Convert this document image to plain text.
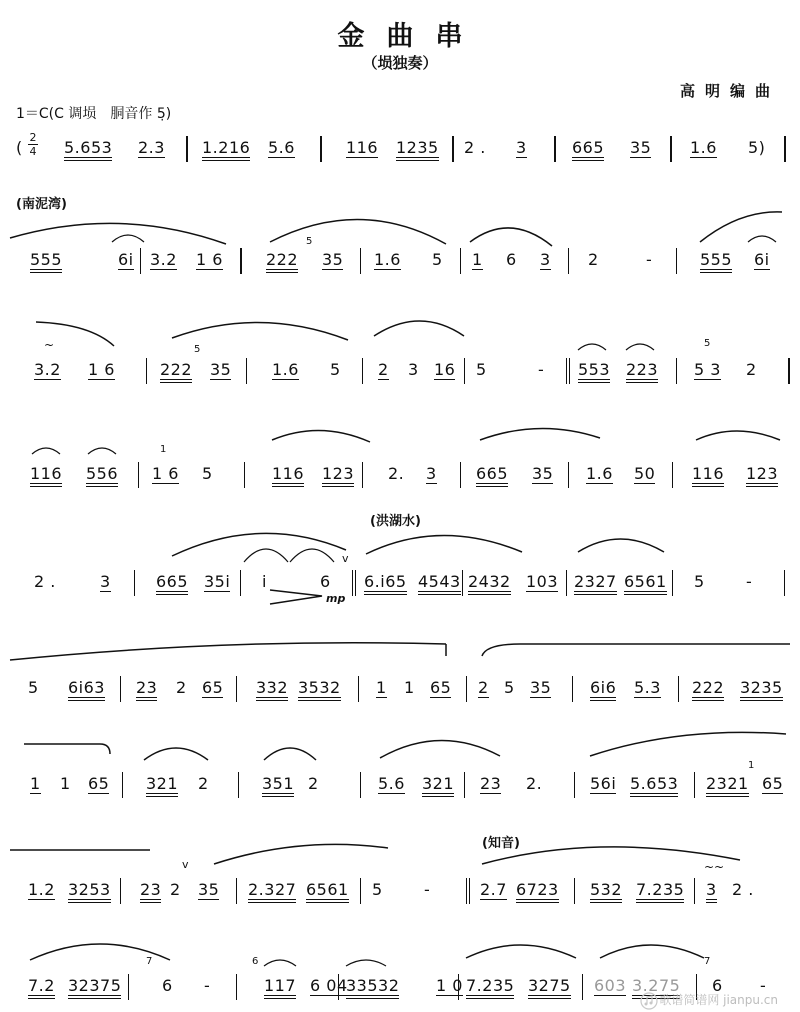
金曲串
（埙独奏）
高明编曲
1＝C(C 调埙　胴音作 5̣)
(
2
4 5.653 2.3 1.216 5.6	116 1235 2 . 3	665 35 1.6 5)
(南泥湾)
555	6i 3.2 1 6	222
5
35 1.6 5 1 6 3 2	-	555 6i
~
3.2 1 6	222
5
35	1.6 5 2 3 16 5	- 553 223
5
5 3 2
116 556
1
1 6 5	116 123 2. 3 665 35 1.6 50 116 123
(洪湖水)
2 .	3	665 35i i	6
v
6.i65 4543 2432 103 2327 6561 5	-
mp
5 6i63 23 2 65 332 3532 1 1 65 2 5 35 6i6 5.3 222 3235
1 1 65 321 2	351 2	5.6 321 23 2.	56i 5.653 2321
1
65
(知音)
1.2 3253 23 2
v
35 2.327 6561 5	-	2.7 6723 532 7.235
~~
3 2 .
7.2 32375
7
6 -
6
117 6 04
33532 1 0 7.235 3275 603 3.275
7
6 -
歌谱简谱网 jianpu.cn
